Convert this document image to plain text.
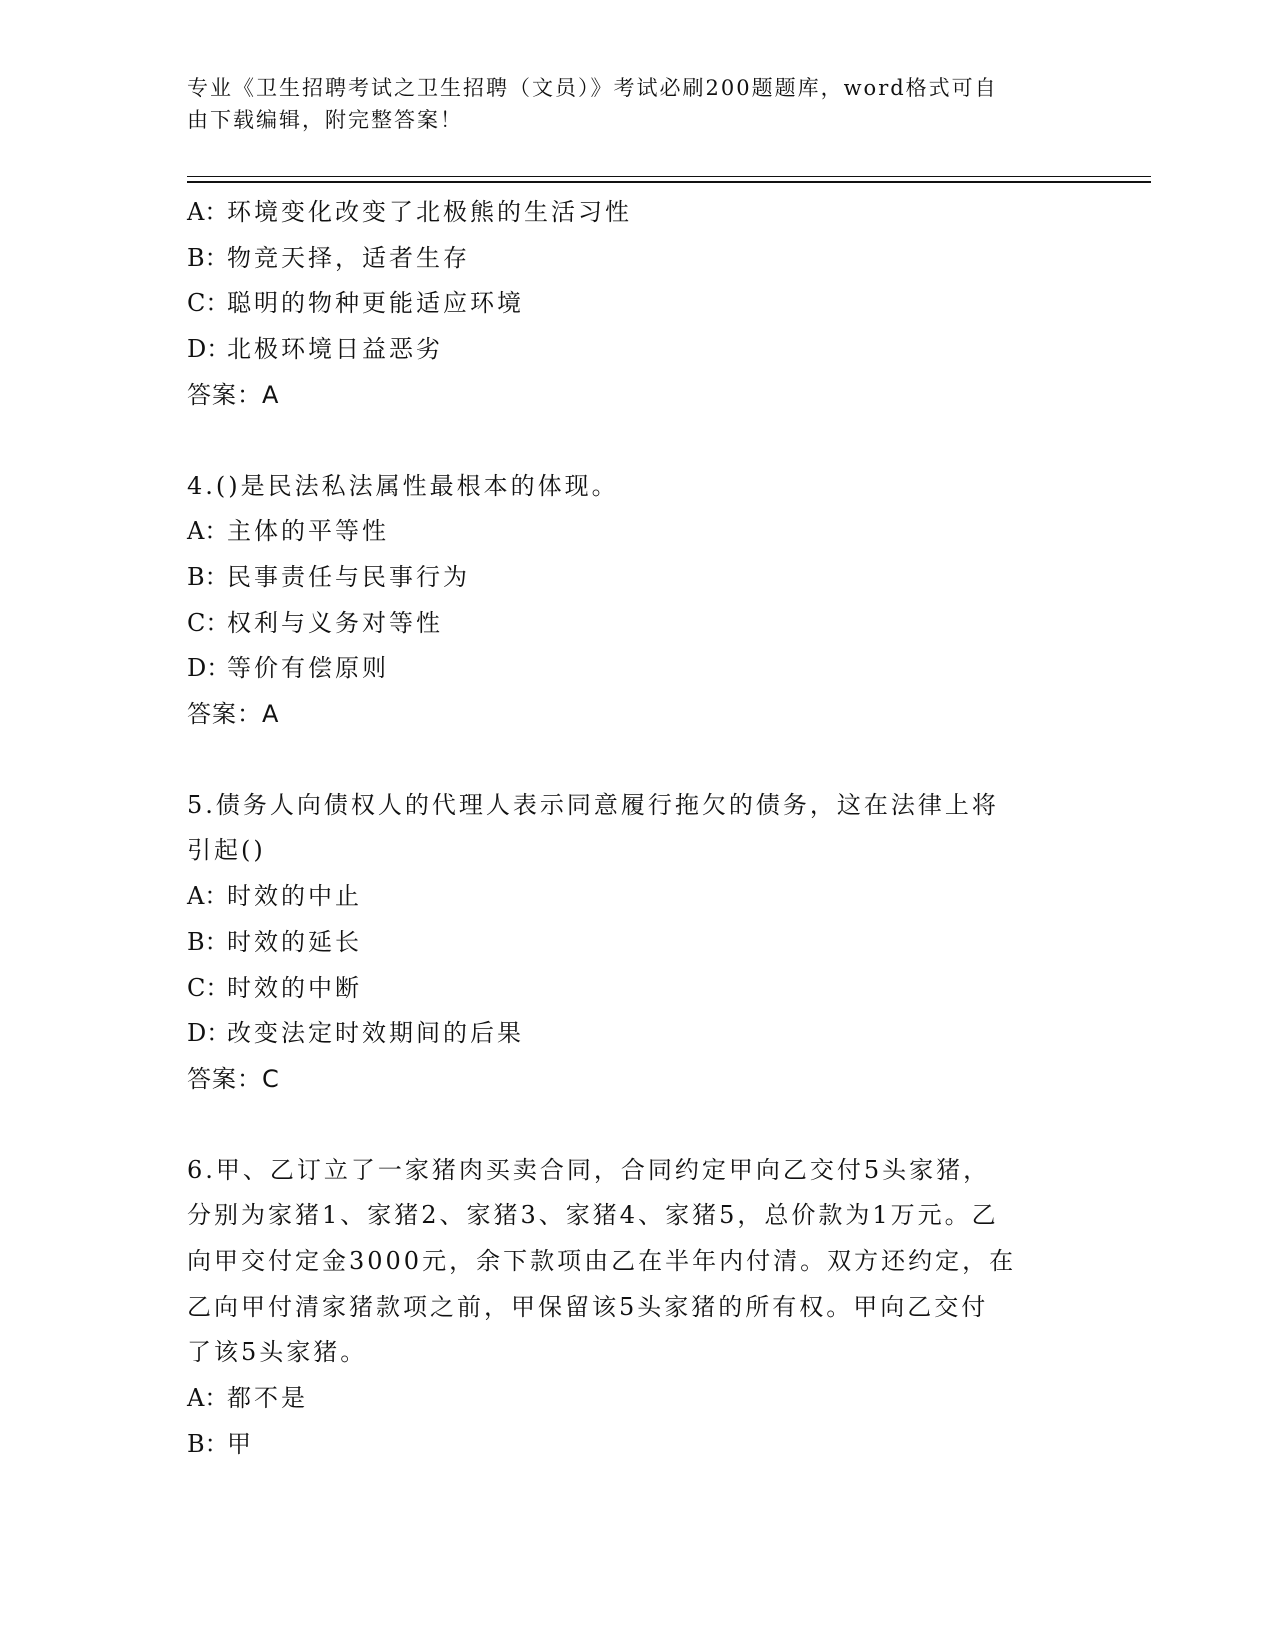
专业《卫生招聘考试之卫生招聘（文员）》考试必刷200题题库，word格式可自
由下载编辑，附完整答案！
A：环境变化改变了北极熊的生活习性
B：物竞天择，适者生存
C：聪明的物种更能适应环境
D：北极环境日益恶劣
答案：A
4.()是民法私法属性最根本的体现。
A：主体的平等性
B：民事责任与民事行为
C：权利与义务对等性
D：等价有偿原则
答案：A
5.债务人向债权人的代理人表示同意履行拖欠的债务，这在法律上将
引起()
A：时效的中止
B：时效的延长
C：时效的中断
D：改变法定时效期间的后果
答案：C
6.甲、乙订立了一家猪肉买卖合同，合同约定甲向乙交付5头家猪，
分别为家猪1、家猪2、家猪3、家猪4、家猪5，总价款为1万元。乙
向甲交付定金3000元，余下款项由乙在半年内付清。双方还约定，在
乙向甲付清家猪款项之前，甲保留该5头家猪的所有权。甲向乙交付
了该5头家猪。
A：都不是
B：甲
